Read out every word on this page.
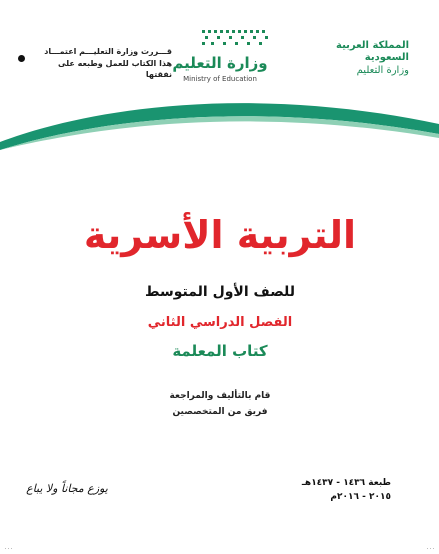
المملكة العربية السعودية
وزارة التعليم
وزارة التعليم
Ministry of Education
قـــررت وزارة التعليـــم اعتمـــاد
هذا الكتاب للعمل وطبعه على نفقتها
التربية الأسرية
للصف الأول المتوسط
الفصل الدراسي الثاني
كتاب المعلمة
قام بالتأليف والمراجعة
فريق من المتخصصين
طبعة ١٤٣٦ - ١٤٣٧هـ
٢٠١٥ - ٢٠١٦م
يوزع مجاناً ولا يباع
...	...
